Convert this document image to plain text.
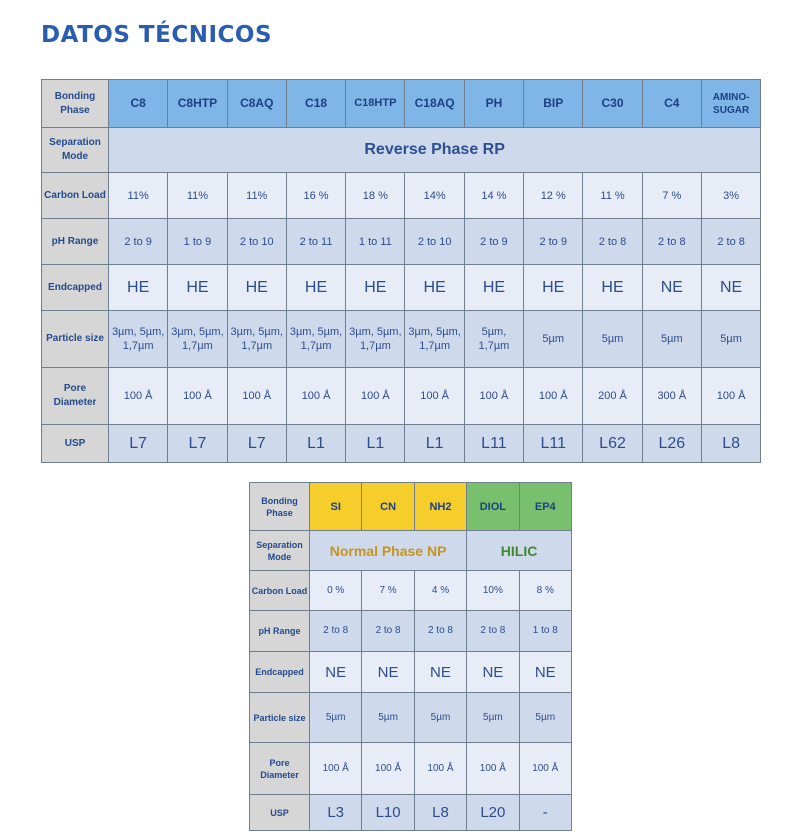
DATOS TÉCNICOS
Bonding Phase	C8	C8HTP	C8AQ	C18	C18HTP	C18AQ	PH	BIP	C30	C4	AMINO-SUGAR
Separation Mode	Reverse Phase RP										
Carbon Load	11%	11%	11%	16 %	18 %	14%	14 %	12 %	11 %	7 %	3%
pH Range	2 to 9	1 to 9	2 to 10	2 to 11	1 to 11	2 to 10	2 to 9	2 to 9	2 to 8	2 to 8	2 to 8
Endcapped	HE	HE	HE	HE	HE	HE	HE	HE	HE	NE	NE
Particle size	3µm, 5µm, 1,7µm	3µm, 5µm, 1,7µm	3µm, 5µm, 1,7µm	3µm, 5µm, 1,7µm	3µm, 5µm, 1,7µm	3µm, 5µm, 1,7µm	5µm, 1,7µm	5µm	5µm	5µm	5µm
Pore Diameter	100 Å	100 Å	100 Å	100 Å	100 Å	100 Å	100 Å	100 Å	200 Å	300 Å	100 Å
USP	L7	L7	L7	L1	L1	L1	L11	L11	L62	L26	L8
Bonding Phase	SI	CN	NH2	DIOL	EP4
Separation Mode	Normal Phase NP			HILIC	
Carbon Load	0 %	7 %	4 %	10%	8 %
pH Range	2 to 8	2 to 8	2 to 8	2 to 8	1 to 8
Endcapped	NE	NE	NE	NE	NE
Particle size	5µm	5µm	5µm	5µm	5µm
Pore Diameter	100 Å	100 Å	100 Å	100 Å	100 Å
USP	L3	L10	L8	L20	-
